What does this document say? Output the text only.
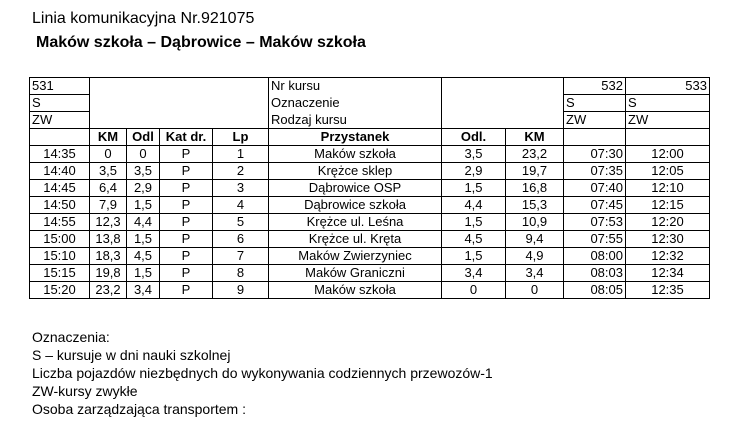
Linia komunikacyjna Nr.921075
Maków szkoła – Dąbrowice – Maków szkoła
531					Nr kursu			532	533
S					Oznaczenie			S	S
ZW					Rodzaj kursu			ZW	ZW
	KM	Odl	Kat dr.	Lp	Przystanek	Odl.	KM		
14:35	0	0	P	1	Maków szkoła	3,5	23,2	07:30	12:00
14:40	3,5	3,5	P	2	Krężce sklep	2,9	19,7	07:35	12:05
14:45	6,4	2,9	P	3	Dąbrowice OSP	1,5	16,8	07:40	12:10
14:50	7,9	1,5	P	4	Dąbrowice szkoła	4,4	15,3	07:45	12:15
14:55	12,3	4,4	P	5	Krężce ul. Leśna	1,5	10,9	07:53	12:20
15:00	13,8	1,5	P	6	Krężce ul. Kręta	4,5	9,4	07:55	12:30
15:10	18,3	4,5	P	7	Maków Zwierzyniec	1,5	4,9	08:00	12:32
15:15	19,8	1,5	P	8	Maków Graniczni	3,4	3,4	08:03	12:34
15:20	23,2	3,4	P	9	Maków szkoła	0	0	08:05	12:35
Oznaczenia:
S – kursuje w dni nauki szkolnej
Liczba pojazdów niezbędnych do wykonywania codziennych przewozów-1
ZW-kursy zwykłe
Osoba zarządzająca transportem :
